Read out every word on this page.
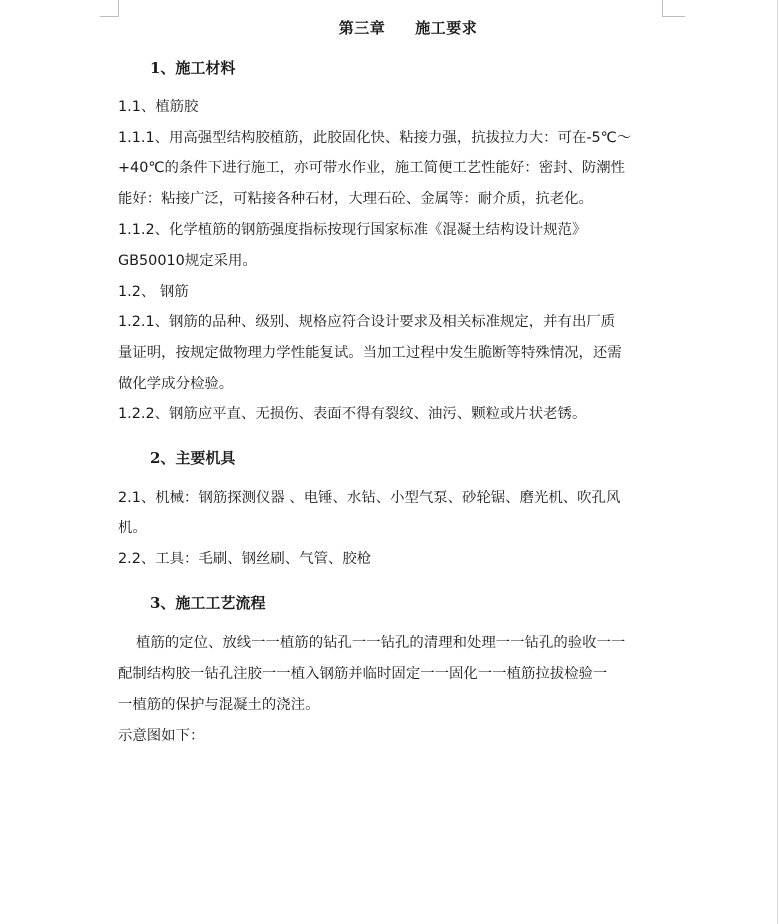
第三章 施工要求
1、施工材料
1.1、植筋胶
1.1.1、用高强型结构胶植筋，此胶固化快、粘接力强，抗拔拉力大：可在-5℃～
+40℃的条件下进行施工，亦可带水作业，施工简便工艺性能好：密封、防潮性
能好：粘接广泛，可粘接各种石材，大理石砼、金属等：耐介质，抗老化。
1.1.2、化学植筋的钢筋强度指标按现行国家标准《混凝土结构设计规范》
GB50010规定采用。
1.2、 钢筋
1.2.1、钢筋的品种、级别、规格应符合设计要求及相关标准规定，并有出厂质
量证明，按规定做物理力学性能复试。当加工过程中发生脆断等特殊情况，还需
做化学成分检验。
1.2.2、钢筋应平直、无损伤、表面不得有裂纹、油污、颗粒或片状老锈。
2、主要机具
2.1、机械：钢筋探测仪器 、电锤、水钻、小型气泵、砂轮锯、磨光机、吹孔风
机。
2.2、工具：毛刷、钢丝刷、气管、胶枪
3、施工工艺流程
植筋的定位、放线一一植筋的钻孔一一钻孔的清理和处理一一钻孔的验收一一
配制结构胶一钻孔注胶一一植入钢筋并临时固定一一固化一一植筋拉拔检验一
一植筋的保护与混凝土的浇注。
示意图如下：
